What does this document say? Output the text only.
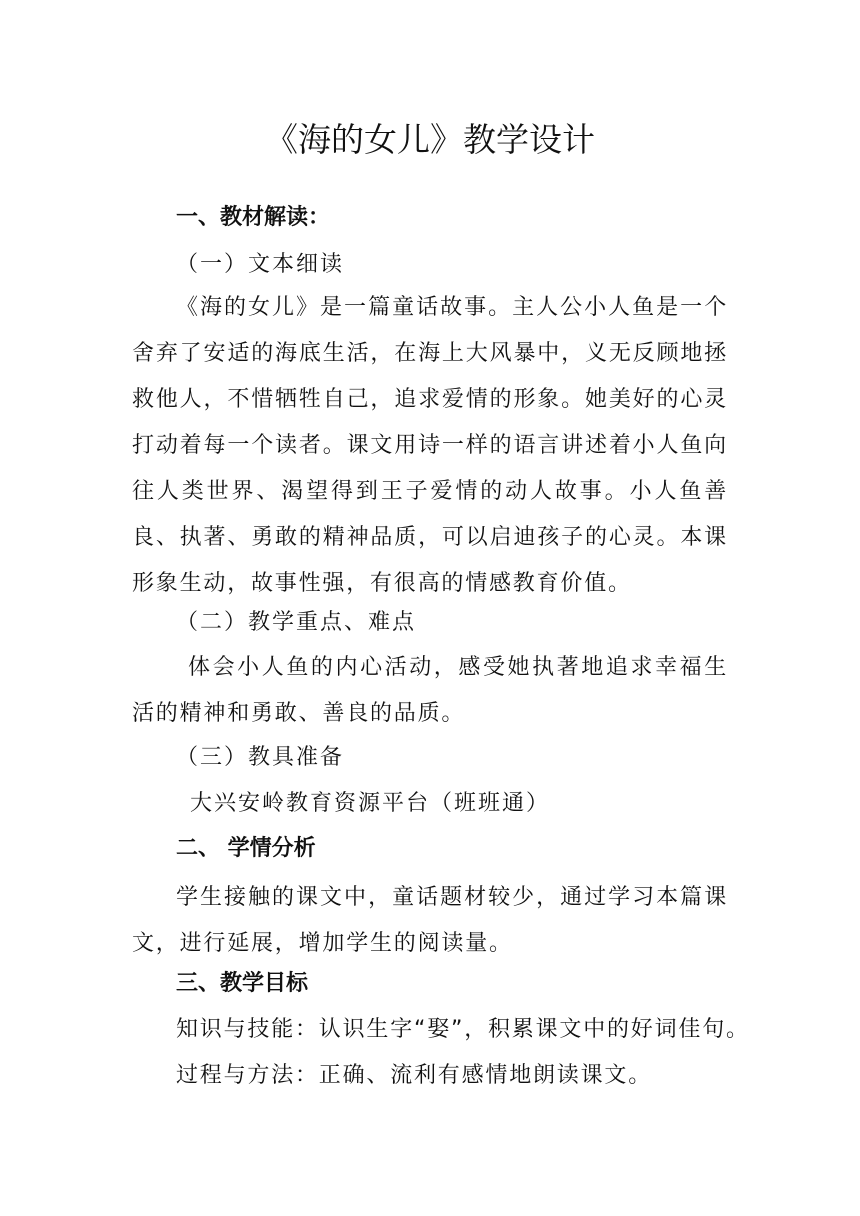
《海的女儿》教学设计
一、教材解读：
（一）文本细读

《海的女儿》是一篇童话故事。主人公小人鱼是一个舍弃了安适的海底生活，在海上大风暴中，义无反顾地拯救他人，不惜牺牲自己，追求爱情的形象。她美好的心灵打动着每一个读者。课文用诗一样的语言讲述着小人鱼向往人类世界、渴望得到王子爱情的动人故事。小人鱼善良、执著、勇敢的精神品质，可以启迪孩子的心灵。本课形象生动，故事性强，有很高的情感教育价值。

（二）教学重点、难点

体会小人鱼的内心活动，感受她执著地追求幸福生活的精神和勇敢、善良的品质。

（三）教具准备
大兴安岭教育资源平台（班班通）
二、 学情分析

学生接触的课文中，童话题材较少，通过学习本篇课文，进行延展，增加学生的阅读量。

三、教学目标
知识与技能：认识生字“娶”，积累课文中的好词佳句。
过程与方法：正确、流利有感情地朗读课文。
